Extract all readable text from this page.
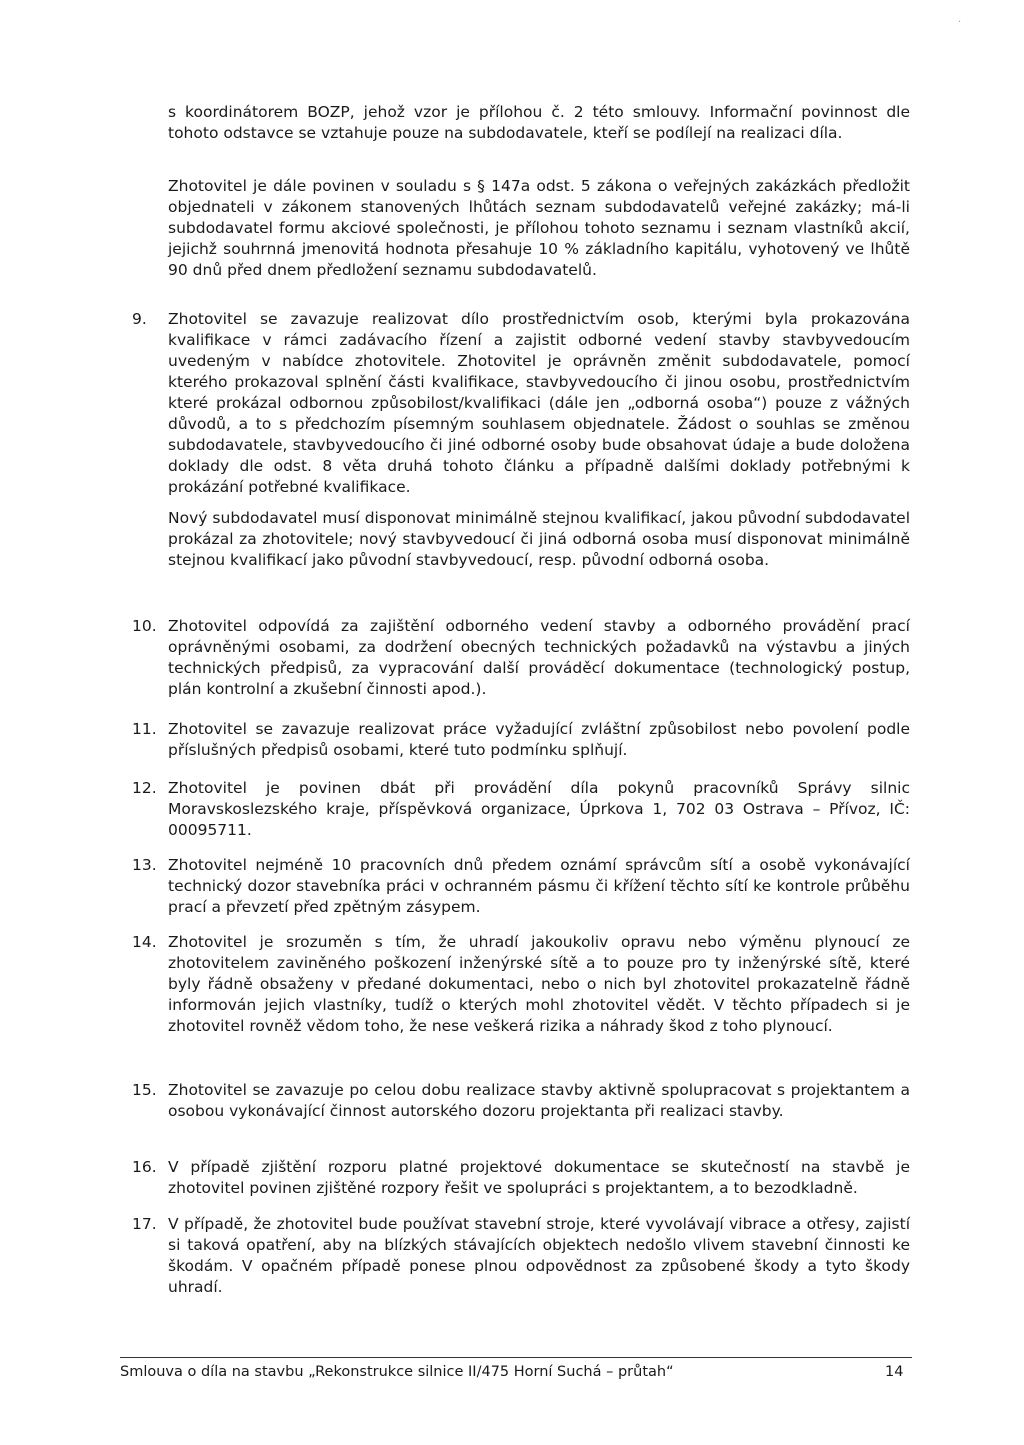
·

s koordinátorem BOZP, jehož vzor je přílohou č. 2 této smlouvy. Informační povinnost dle tohoto odstavce se vztahuje pouze na subdodavatele, kteří se podílejí na realizaci díla.

Zhotovitel je dále povinen v souladu s § 147a odst. 5 zákona o veřejných zakázkách předložit objednateli v zákonem stanovených lhůtách seznam subdodavatelů veřejné zakázky; má-li subdodavatel formu akciové společnosti, je přílohou tohoto seznamu i seznam vlastníků akcií, jejichž souhrnná jmenovitá hodnota přesahuje 10 % základního kapitálu, vyhotovený ve lhůtě 90 dnů před dnem předložení seznamu subdodavatelů.

9.	Zhotovitel se zavazuje realizovat dílo prostřednictvím osob, kterými byla prokazována kvalifikace v rámci zadávacího řízení a zajistit odborné vedení stavby stavbyvedoucím uvedeným v nabídce zhotovitele. Zhotovitel je oprávněn změnit subdodavatele, pomocí kterého prokazoval splnění části kvalifikace, stavbyvedoucího či jinou osobu, prostřednictvím které prokázal odbornou způsobilost/kvalifikaci (dále jen „odborná osoba“) pouze z vážných důvodů, a to s předchozím písemným souhlasem objednatele. Žádost o souhlas se změnou subdodavatele, stavbyvedoucího či jiné odborné osoby bude obsahovat údaje a bude doložena doklady dle odst. 8 věta druhá tohoto článku a případně dalšími doklady potřebnými k prokázání potřebné kvalifikace.

Nový subdodavatel musí disponovat minimálně stejnou kvalifikací, jakou původní subdodavatel prokázal za zhotovitele; nový stavbyvedoucí či jiná odborná osoba musí disponovat minimálně stejnou kvalifikací jako původní stavbyvedoucí, resp. původní odborná osoba.

10. Zhotovitel odpovídá za zajištění odborného vedení stavby a odborného provádění prací oprávněnými osobami, za dodržení obecných technických požadavků na výstavbu a jiných technických předpisů, za vypracování další prováděcí dokumentace (technologický postup, plán kontrolní a zkušební činnosti apod.).

11. Zhotovitel se zavazuje realizovat práce vyžadující zvláštní způsobilost nebo povolení podle příslušných předpisů osobami, které tuto podmínku splňují.

12. Zhotovitel je povinen dbát při provádění díla pokynů pracovníků Správy silnic Moravskoslezského kraje, příspěvková organizace, Úprkova 1, 702 03 Ostrava – Přívoz, IČ: 00095711.

13. Zhotovitel nejméně 10 pracovních dnů předem oznámí správcům sítí a osobě vykonávající technický dozor stavebníka práci v ochranném pásmu či křížení těchto sítí ke kontrole průběhu prací a převzetí před zpětným zásypem.

14. Zhotovitel je srozuměn s tím, že uhradí jakoukoliv opravu nebo výměnu plynoucí ze zhotovitelem zaviněného poškození inženýrské sítě a to pouze pro ty inženýrské sítě, které byly řádně obsaženy v předané dokumentaci, nebo o nich byl zhotovitel prokazatelně řádně informován jejich vlastníky, tudíž o kterých mohl zhotovitel vědět. V těchto případech si je zhotovitel rovněž vědom toho, že nese veškerá rizika a náhrady škod z toho plynoucí.

15. Zhotovitel se zavazuje po celou dobu realizace stavby aktivně spolupracovat s projektantem a osobou vykonávající činnost autorského dozoru projektanta při realizaci stavby.

16. V případě zjištění rozporu platné projektové dokumentace se skutečností na stavbě je zhotovitel povinen zjištěné rozpory řešit ve spolupráci s projektantem, a to bezodkladně.

17. V případě, že zhotovitel bude používat stavební stroje, které vyvolávají vibrace a otřesy, zajistí si taková opatření, aby na blízkých stávajících objektech nedošlo vlivem stavební činnosti ke škodám. V opačném případě ponese plnou odpovědnost za způsobené škody a tyto škody uhradí.

Smlouva o díla na stavbu „Rekonstrukce silnice II/475 Horní Suchá – průtah“	14
